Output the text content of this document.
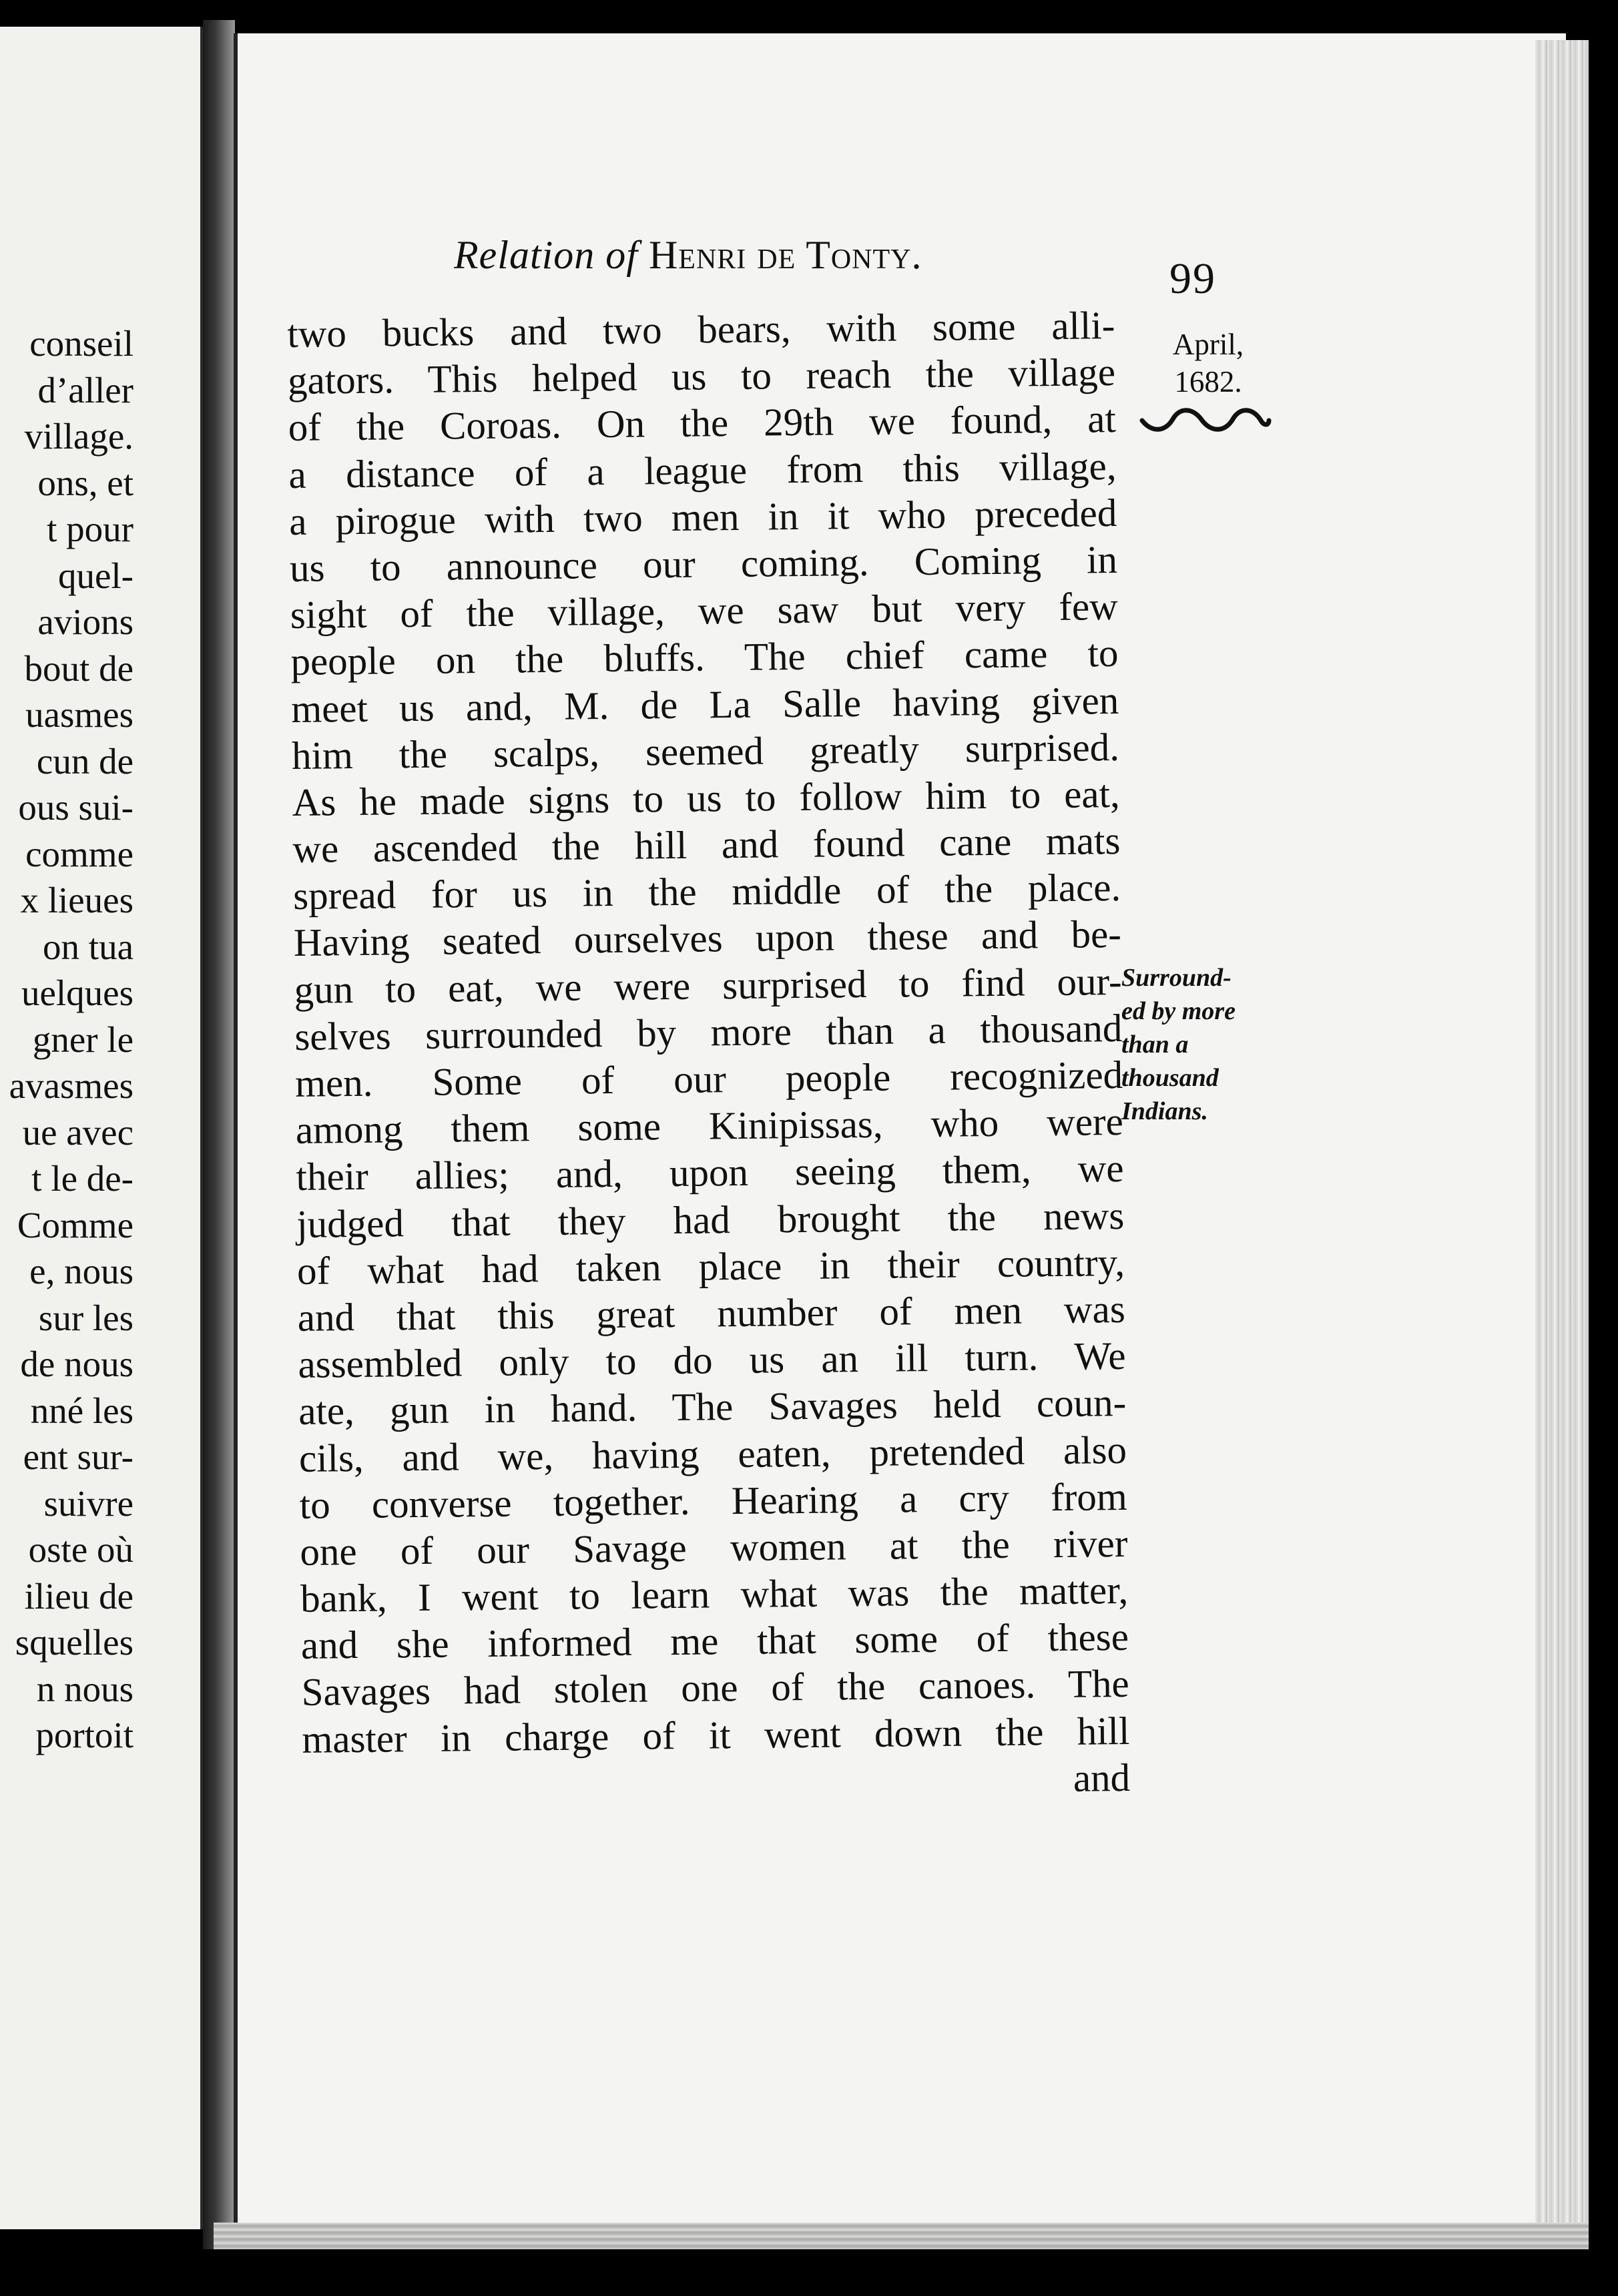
conseil
d’aller
village.
ons, et
t pour
quel-
avions
bout de
uasmes
cun de
ous sui-
comme
x lieues
on tua
uelques
gner le
avasmes
ue avec
t le de-
Comme
e, nous
sur les
de nous
nné les
ent sur-
suivre
oste où
ilieu de
squelles
n nous
portoit
Relation of Henri de Tonty.	99
April,
1682.
two bucks and two bears, with some alli-
gators. This helped us to reach the village
of the Coroas. On the 29th we found, at
a distance of a league from this village,
a pirogue with two men in it who preceded
us to announce our coming. Coming in
sight of the village, we saw but very few
people on the bluffs. The chief came to
meet us and, M. de La Salle having given
him the scalps, seemed greatly surprised.
As he made signs to us to follow him to eat,
we ascended the hill and found cane mats
spread for us in the middle of the place.
Having seated ourselves upon these and be-
gun to eat, we were surprised to find our-
selves surrounded by more than a thousand
men. Some of our people recognized
among them some Kinipissas, who were
their allies; and, upon seeing them, we
judged that they had brought the news
of what had taken place in their country,
and that this great number of men was
assembled only to do us an ill turn. We
ate, gun in hand. The Savages held coun-
cils, and we, having eaten, pretended also
to converse together. Hearing a cry from
one of our Savage women at the river
bank, I went to learn what was the matter,
and she informed me that some of these
Savages had stolen one of the canoes. The
master in charge of it went down the hill
and
Surround-
ed by more
than a
thousand
Indians.
